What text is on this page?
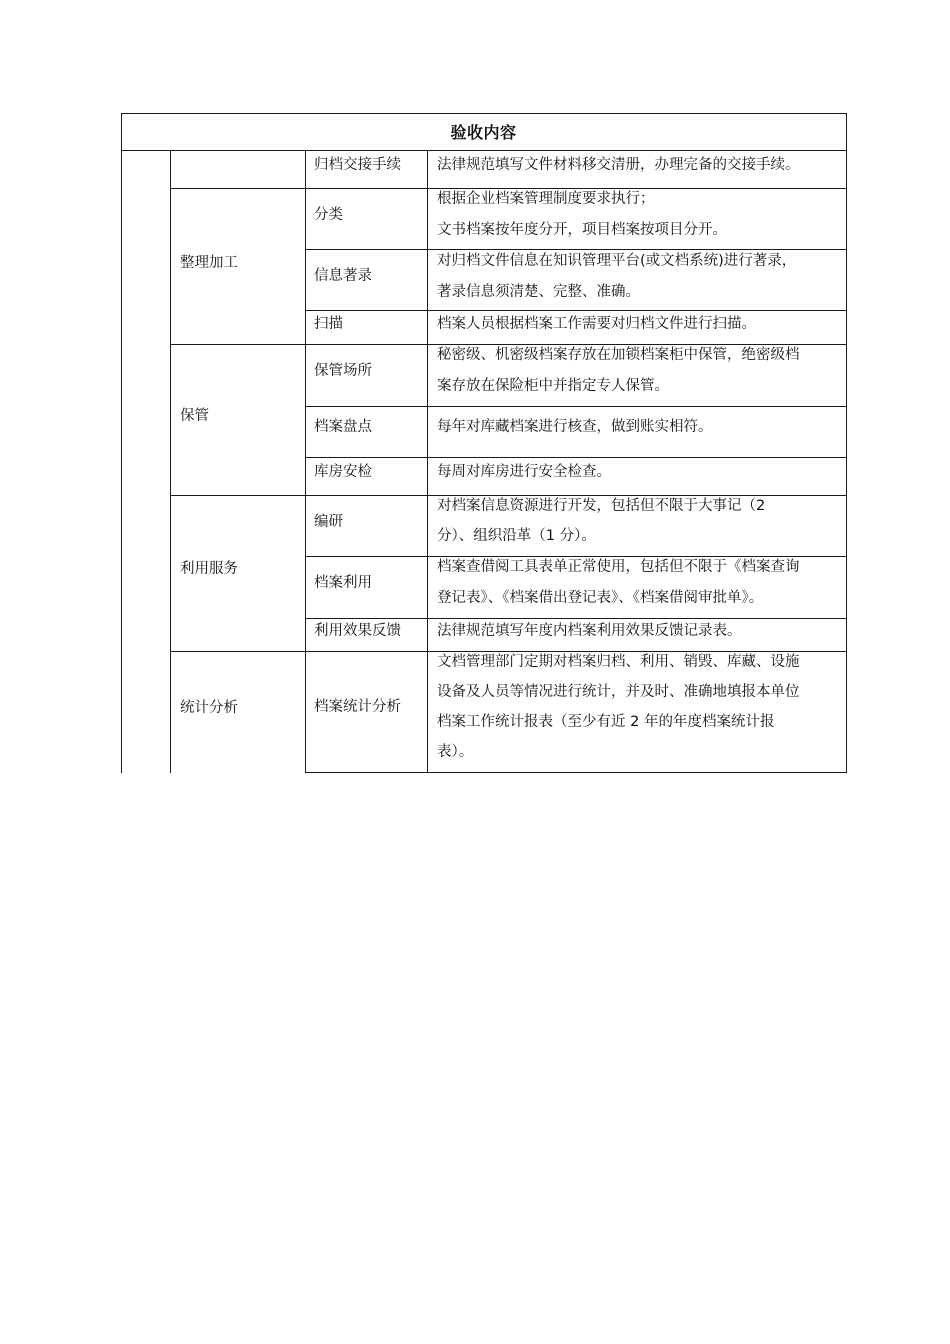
验收内容
整理加工
保管
利用服务
统计分析
归档交接手续
分类
信息著录
扫描
保管场所
档案盘点
库房安检
编研
档案利用
利用效果反馈
档案统计分析
法律规范填写文件材料移交清册，办理完备的交接手续。
根据企业档案管理制度要求执行；
文书档案按年度分开，项目档案按项目分开。
对归档文件信息在知识管理平台(或文档系统)进行著录，
著录信息须清楚、完整、准确。
档案人员根据档案工作需要对归档文件进行扫描。
秘密级、机密级档案存放在加锁档案柜中保管，绝密级档
案存放在保险柜中并指定专人保管。
每年对库藏档案进行核查，做到账实相符。
每周对库房进行安全检查。
对档案信息资源进行开发，包括但不限于大事记（2
分）、组织沿革（1 分）。
档案查借阅工具表单正常使用，包括但不限于《档案查询
登记表》、《档案借出登记表》、《档案借阅审批单》。
法律规范填写年度内档案利用效果反馈记录表。
文档管理部门定期对档案归档、利用、销毁、库藏、设施
设备及人员等情况进行统计，并及时、准确地填报本单位
档案工作统计报表（至少有近 2 年的年度档案统计报
表）。
